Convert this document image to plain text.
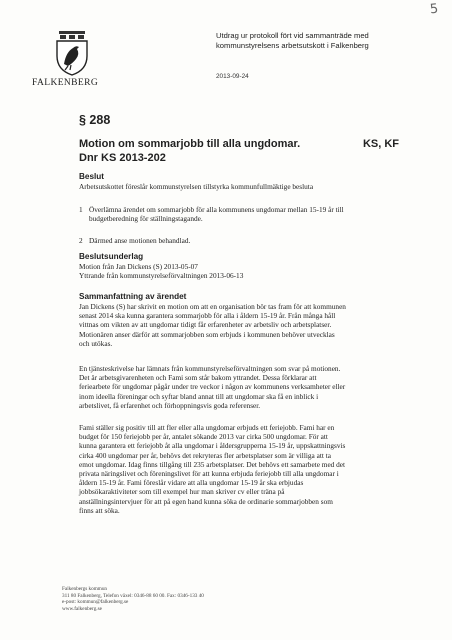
5
FALKENBERG
Utdrag ur protokoll fört vid sammanträde med
kommunstyrelsens arbetsutskott i Falkenberg
2013-09-24
§ 288
Motion om sommarjobb till alla ungdomar.	KS, KF
Dnr KS 2013-202
Beslut
Arbetsutskottet föreslår kommunstyrelsen tillstyrka kommunfullmäktige besluta
1 Överlämna ärendet om sommarjobb för alla kommunens ungdomar mellan 15-19 år till
budgetberedning för ställningstagande.
2 Därmed anse motionen behandlad.
Beslutsunderlag
Motion från Jan Dickens (S) 2013-05-07
Yttrande från kommunstyrelseförvaltningen 2013-06-13
Sammanfattning av ärendet
Jan Dickens (S) har skrivit en motion om att en organisation bör tas fram för att kommunen
senast 2014 ska kunna garantera sommarjobb för alla i åldern 15-19 år. Från många håll
vittnas om vikten av att ungdomar tidigt får erfarenheter av arbetsliv och arbetsplatser.
Motionären anser därför att sommarjobben som erbjuds i kommunen behöver utvecklas
och utökas.
En tjänsteskrivelse har lämnats från kommunstyrelseförvaltningen som svar på motionen.
Det är arbetsgivarenheten och Fami som står bakom yttrandet. Dessa förklarar att
feriearbete för ungdomar pågår under tre veckor i någon av kommunens verksamheter eller
inom ideella föreningar och syftar bland annat till att ungdomar ska få en inblick i
arbetslivet, få erfarenhet och förhoppningsvis goda referenser.
Fami ställer sig positiv till att fler eller alla ungdomar erbjuds ett feriejobb. Fami har en
budget för 150 feriejobb per år, antalet sökande 2013 var cirka 500 ungdomar. För att
kunna garantera ett feriejobb åt alla ungdomar i åldersgrupperna 15-19 år, uppskattningsvis
cirka 400 ungdomar per år, behövs det rekryteras fler arbetsplatser som är villiga att ta
emot ungdomar. Idag finns tillgång till 235 arbetsplatser. Det behövs ett samarbete med det
privata näringslivet och föreningslivet för att kunna erbjuda feriejobb till alla ungdomar i
åldern 15-19 år. Fami föreslår vidare att alla ungdomar 15-19 år ska erbjudas
jobbsökaraktiviteter som till exempel hur man skriver cv eller träna på
anställningsintervjuer för att på egen hand kunna söka de ordinarie sommarjobben som
finns att söka.
Falkenbergs kommun
311 80 Falkenberg, Telefon växel: 0346-88 60 00. Fax: 0346-133 40
e-post: kommun@falkenberg.se
www.falkenberg.se
